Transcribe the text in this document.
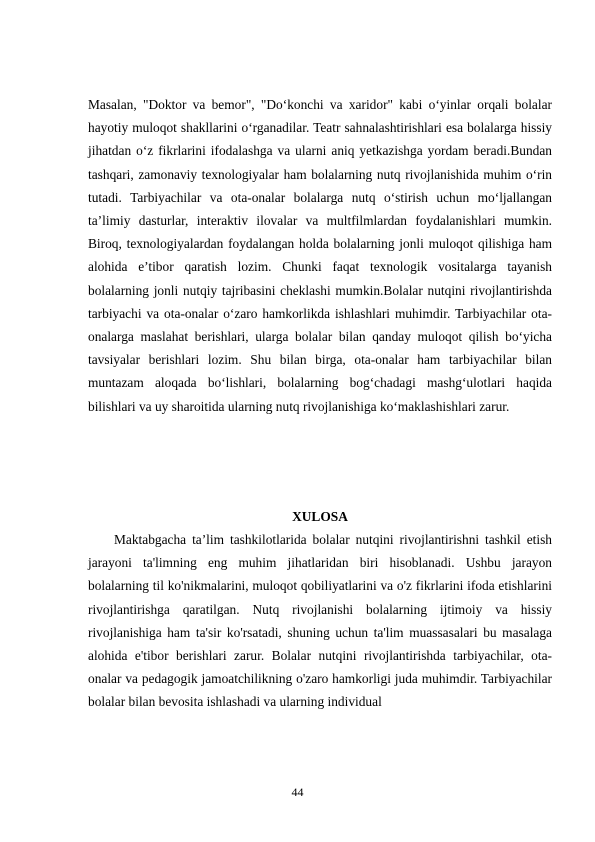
Masalan, "Doktor va bemor", "Do‘konchi va xaridor" kabi o‘yinlar orqali bolalar hayotiy muloqot shakllarini o‘rganadilar. Teatr sahnalashtirishlari esa bolalarga hissiy jihatdan o‘z fikrlarini ifodalashga va ularni aniq yetkazishga yordam beradi.Bundan tashqari, zamonaviy texnologiyalar ham bolalarning nutq rivojlanishida muhim o‘rin tutadi. Tarbiyachilar va ota-onalar bolalarga nutq o‘stirish uchun mo‘ljallangan ta’limiy dasturlar, interaktiv ilovalar va multfilmlardan foydalanishlari mumkin. Biroq, texnologiyalardan foydalangan holda bolalarning jonli muloqot qilishiga ham alohida e’tibor qaratish lozim. Chunki faqat texnologik vositalarga tayanish bolalarning jonli nutqiy tajribasini cheklashi mumkin.Bolalar nutqini rivojlantirishda tarbiyachi va ota-onalar o‘zaro hamkorlikda ishlashlari muhimdir. Tarbiyachilar ota-onalarga maslahat berishlari, ularga bolalar bilan qanday muloqot qilish bo‘yicha tavsiyalar berishlari lozim. Shu bilan birga, ota-onalar ham tarbiyachilar bilan muntazam aloqada bo‘lishlari, bolalarning bog‘chadagi mashg‘ulotlari haqida bilishlari va uy sharoitida ularning nutq rivojlanishiga ko‘maklashishlari zarur.

XULOSA

Maktabgacha ta’lim tashkilotlarida bolalar nutqini rivojlantirishni tashkil etish jarayoni ta'limning eng muhim jihatlaridan biri hisoblanadi. Ushbu jarayon bolalarning til ko'nikmalarini, muloqot qobiliyatlarini va o'z fikrlarini ifoda etishlarini rivojlantirishga qaratilgan. Nutq rivojlanishi bolalarning ijtimoiy va hissiy rivojlanishiga ham ta'sir ko'rsatadi, shuning uchun ta'lim muassasalari bu masalaga alohida e'tibor berishlari zarur. Bolalar nutqini rivojlantirishda tarbiyachilar, ota-onalar va pedagogik jamoatchilikning o'zaro hamkorligi juda muhimdir. Tarbiyachilar bolalar bilan bevosita ishlashadi va ularning individual

44
